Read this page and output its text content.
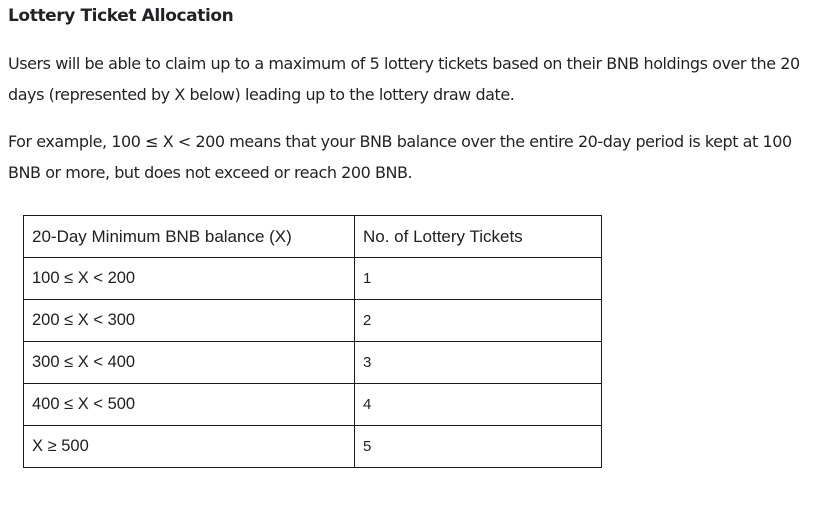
Lottery Ticket Allocation

Users will be able to claim up to a maximum of 5 lottery tickets based on their BNB holdings over the 20 days (represented by X below) leading up to the lottery draw date.

For example, 100 ≤ X < 200 means that your BNB balance over the entire 20-day period is kept at 100 BNB or more, but does not exceed or reach 200 BNB.

20-Day Minimum BNB balance (X)	No. of Lottery Tickets
100 ≤ X < 200	1
200 ≤ X < 300	2
300 ≤ X < 400	3
400 ≤ X < 500	4
X ≥ 500	5
